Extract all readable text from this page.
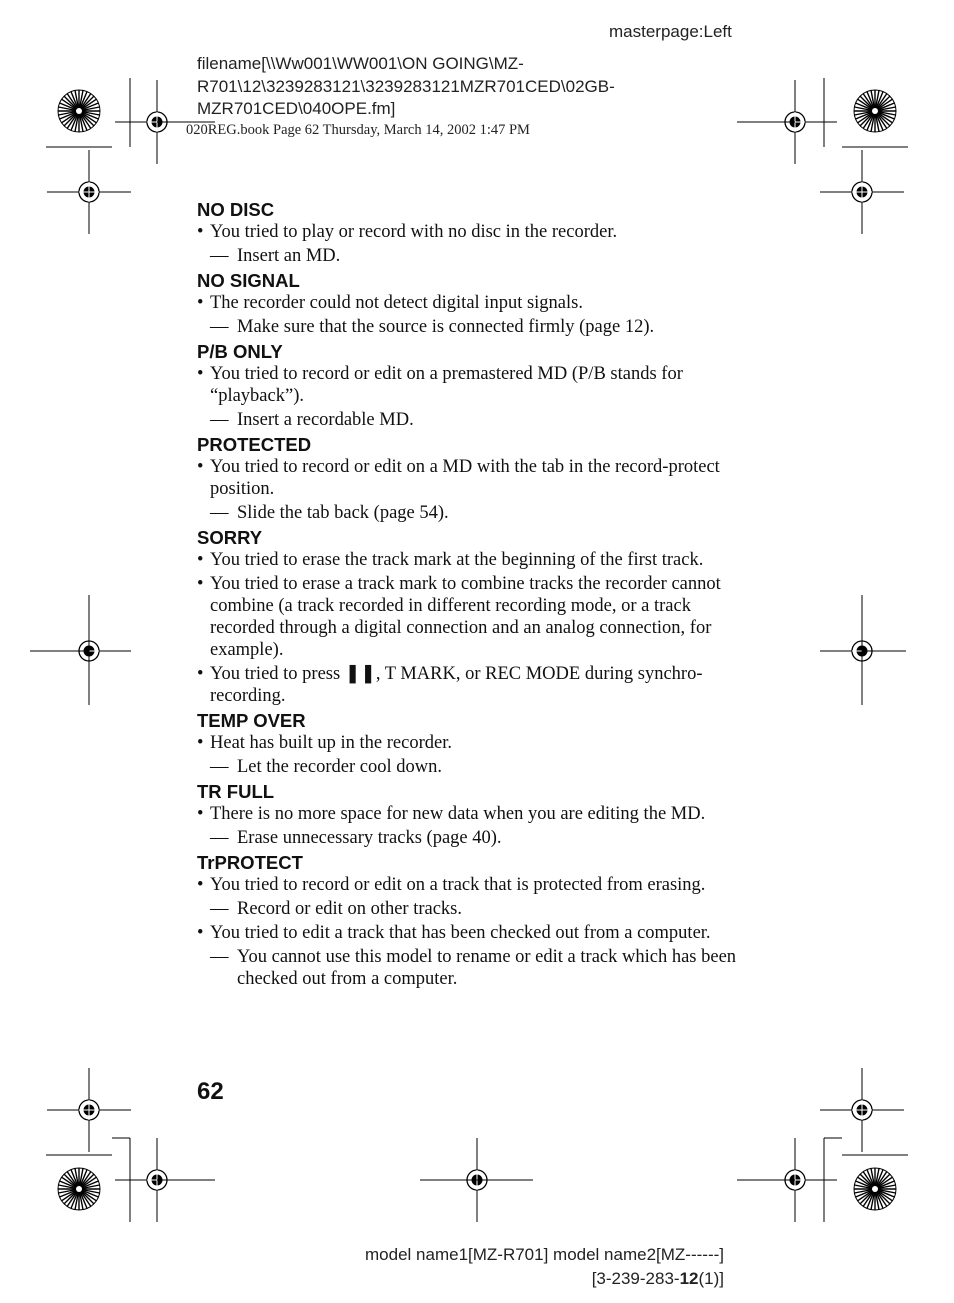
masterpage:Left
filename[\\Ww001\WW001\ON GOING\MZ-
R701\12\3239283121\3239283121MZR701CED\02GB-
MZR701CED\040OPE.fm]
020REG.book Page 62 Thursday, March 14, 2002 1:47 PM
NO DISC
• You tried to play or record with no disc in the recorder.
— Insert an MD.
NO SIGNAL
• The recorder could not detect digital input signals.
— Make sure that the source is connected firmly (page 12).
P/B ONLY
• You tried to record or edit on a premastered MD (P/B stands for “playback”).
— Insert a recordable MD.
PROTECTED
• You tried to record or edit on a MD with the tab in the record-protect position.
— Slide the tab back (page 54).
SORRY
• You tried to erase the track mark at the beginning of the first track.
• You tried to erase a track mark to combine tracks the recorder cannot combine (a track recorded in different recording mode, or a track recorded through a digital connection and an analog connection, for example).
• You tried to press ❚❚, T MARK, or REC MODE during synchro-recording.
TEMP OVER
• Heat has built up in the recorder.
— Let the recorder cool down.
TR FULL
• There is no more space for new data when you are editing the MD.
— Erase unnecessary tracks (page 40).
TrPROTECT
• You tried to record or edit on a track that is protected from erasing.
— Record or edit on other tracks.
• You tried to edit a track that has been checked out from a computer.
— You cannot use this model to rename or edit a track which has been checked out from a computer.
62
model name1[MZ-R701] model name2[MZ------]
[3-239-283-12(1)]
